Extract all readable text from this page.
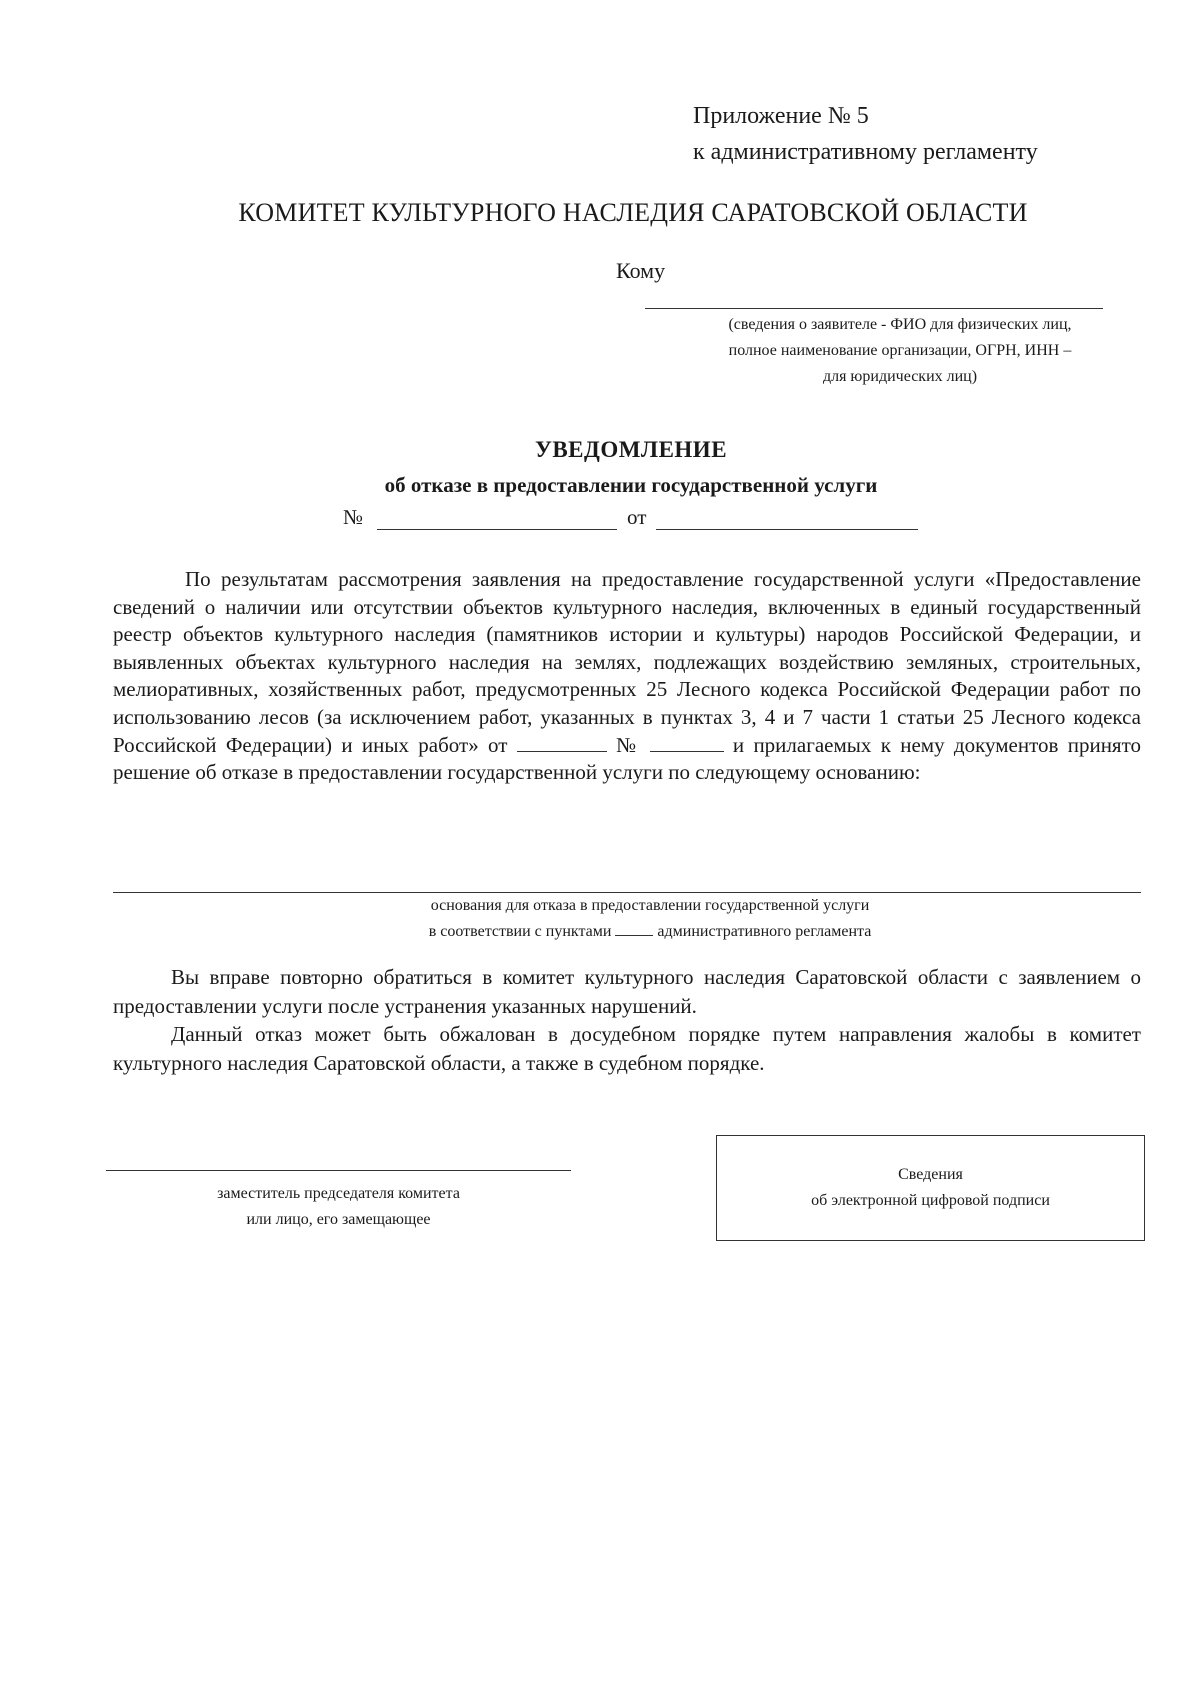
Приложение № 5
к административному регламенту
КОМИТЕТ КУЛЬТУРНОГО НАСЛЕДИЯ САРАТОВСКОЙ ОБЛАСТИ
Кому
(сведения о заявителе - ФИО для физических лиц,
полное наименование организации, ОГРН, ИНН –
для юридических лиц)
УВЕДОМЛЕНИЕ
об отказе в предоставлении государственной услуги
№	от

По результатам рассмотрения заявления на предоставление государственной услуги «Предоставление сведений о наличии или отсутствии объектов культурного наследия, включенных в единый государственный реестр объектов культурного наследия (памятников истории и культуры) народов Российской Федерации, и выявленных объектах культурного наследия на землях, подлежащих воздействию земляных, строительных, мелиоративных, хозяйственных работ, предусмотренных 25 Лесного кодекса Российской Федерации работ по использованию лесов (за исключением работ, указанных в пунктах 3, 4 и 7 части 1 статьи 25 Лесного кодекса Российской Федерации) и иных работ» от	№	и прилагаемых к нему документов принято решение об отказе в предоставлении государственной услуги по следующему основанию:

основания для отказа в предоставлении государственной услуги
в соответствии с пунктами	административного регламента

Вы вправе повторно обратиться в комитет культурного наследия Саратовской области с заявлением о предоставлении услуги после устранения указанных нарушений.

Данный отказ может быть обжалован в досудебном порядке путем направления жалобы в комитет культурного наследия Саратовской области, а также в судебном порядке.

заместитель председателя комитета
или лицо, его замещающее
Сведения
об электронной цифровой подписи
